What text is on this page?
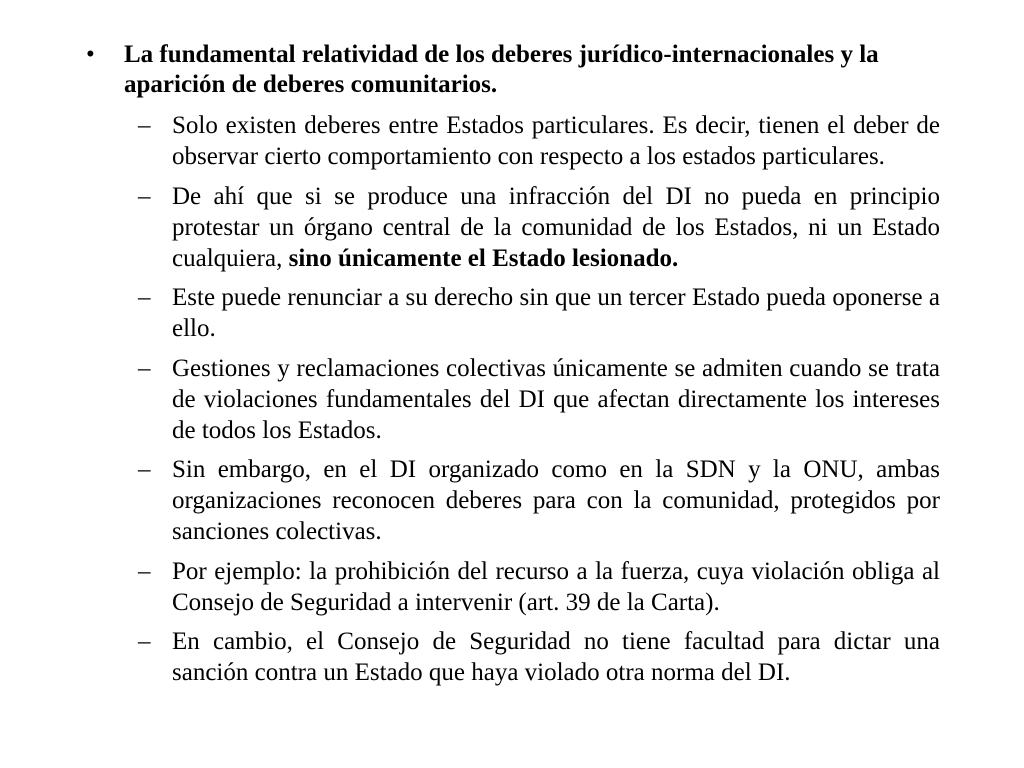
•	La fundamental relatividad de los deberes jurídico-internacionales y la aparición de deberes comunitarios.
– Solo existen deberes entre Estados particulares. Es decir, tienen el deber de observar cierto comportamiento con respecto a los estados particulares.
– De ahí que si se produce una infracción del DI no pueda en principio protestar un órgano central de la comunidad de los Estados, ni un Estado cualquiera, sino únicamente el Estado lesionado.
– Este puede renunciar a su derecho sin que un tercer Estado pueda oponerse a ello.
– Gestiones y reclamaciones colectivas únicamente se admiten cuando se trata de violaciones fundamentales del DI que afectan directamente los intereses de todos los Estados.
– Sin embargo, en el DI organizado como en la SDN y la ONU, ambas organizaciones reconocen deberes para con la comunidad, protegidos por sanciones colectivas.
– Por ejemplo: la prohibición del recurso a la fuerza, cuya violación obliga al Consejo de Seguridad a intervenir (art. 39 de la Carta).
– En cambio, el Consejo de Seguridad no tiene facultad para dictar una sanción contra un Estado que haya violado otra norma del DI.
